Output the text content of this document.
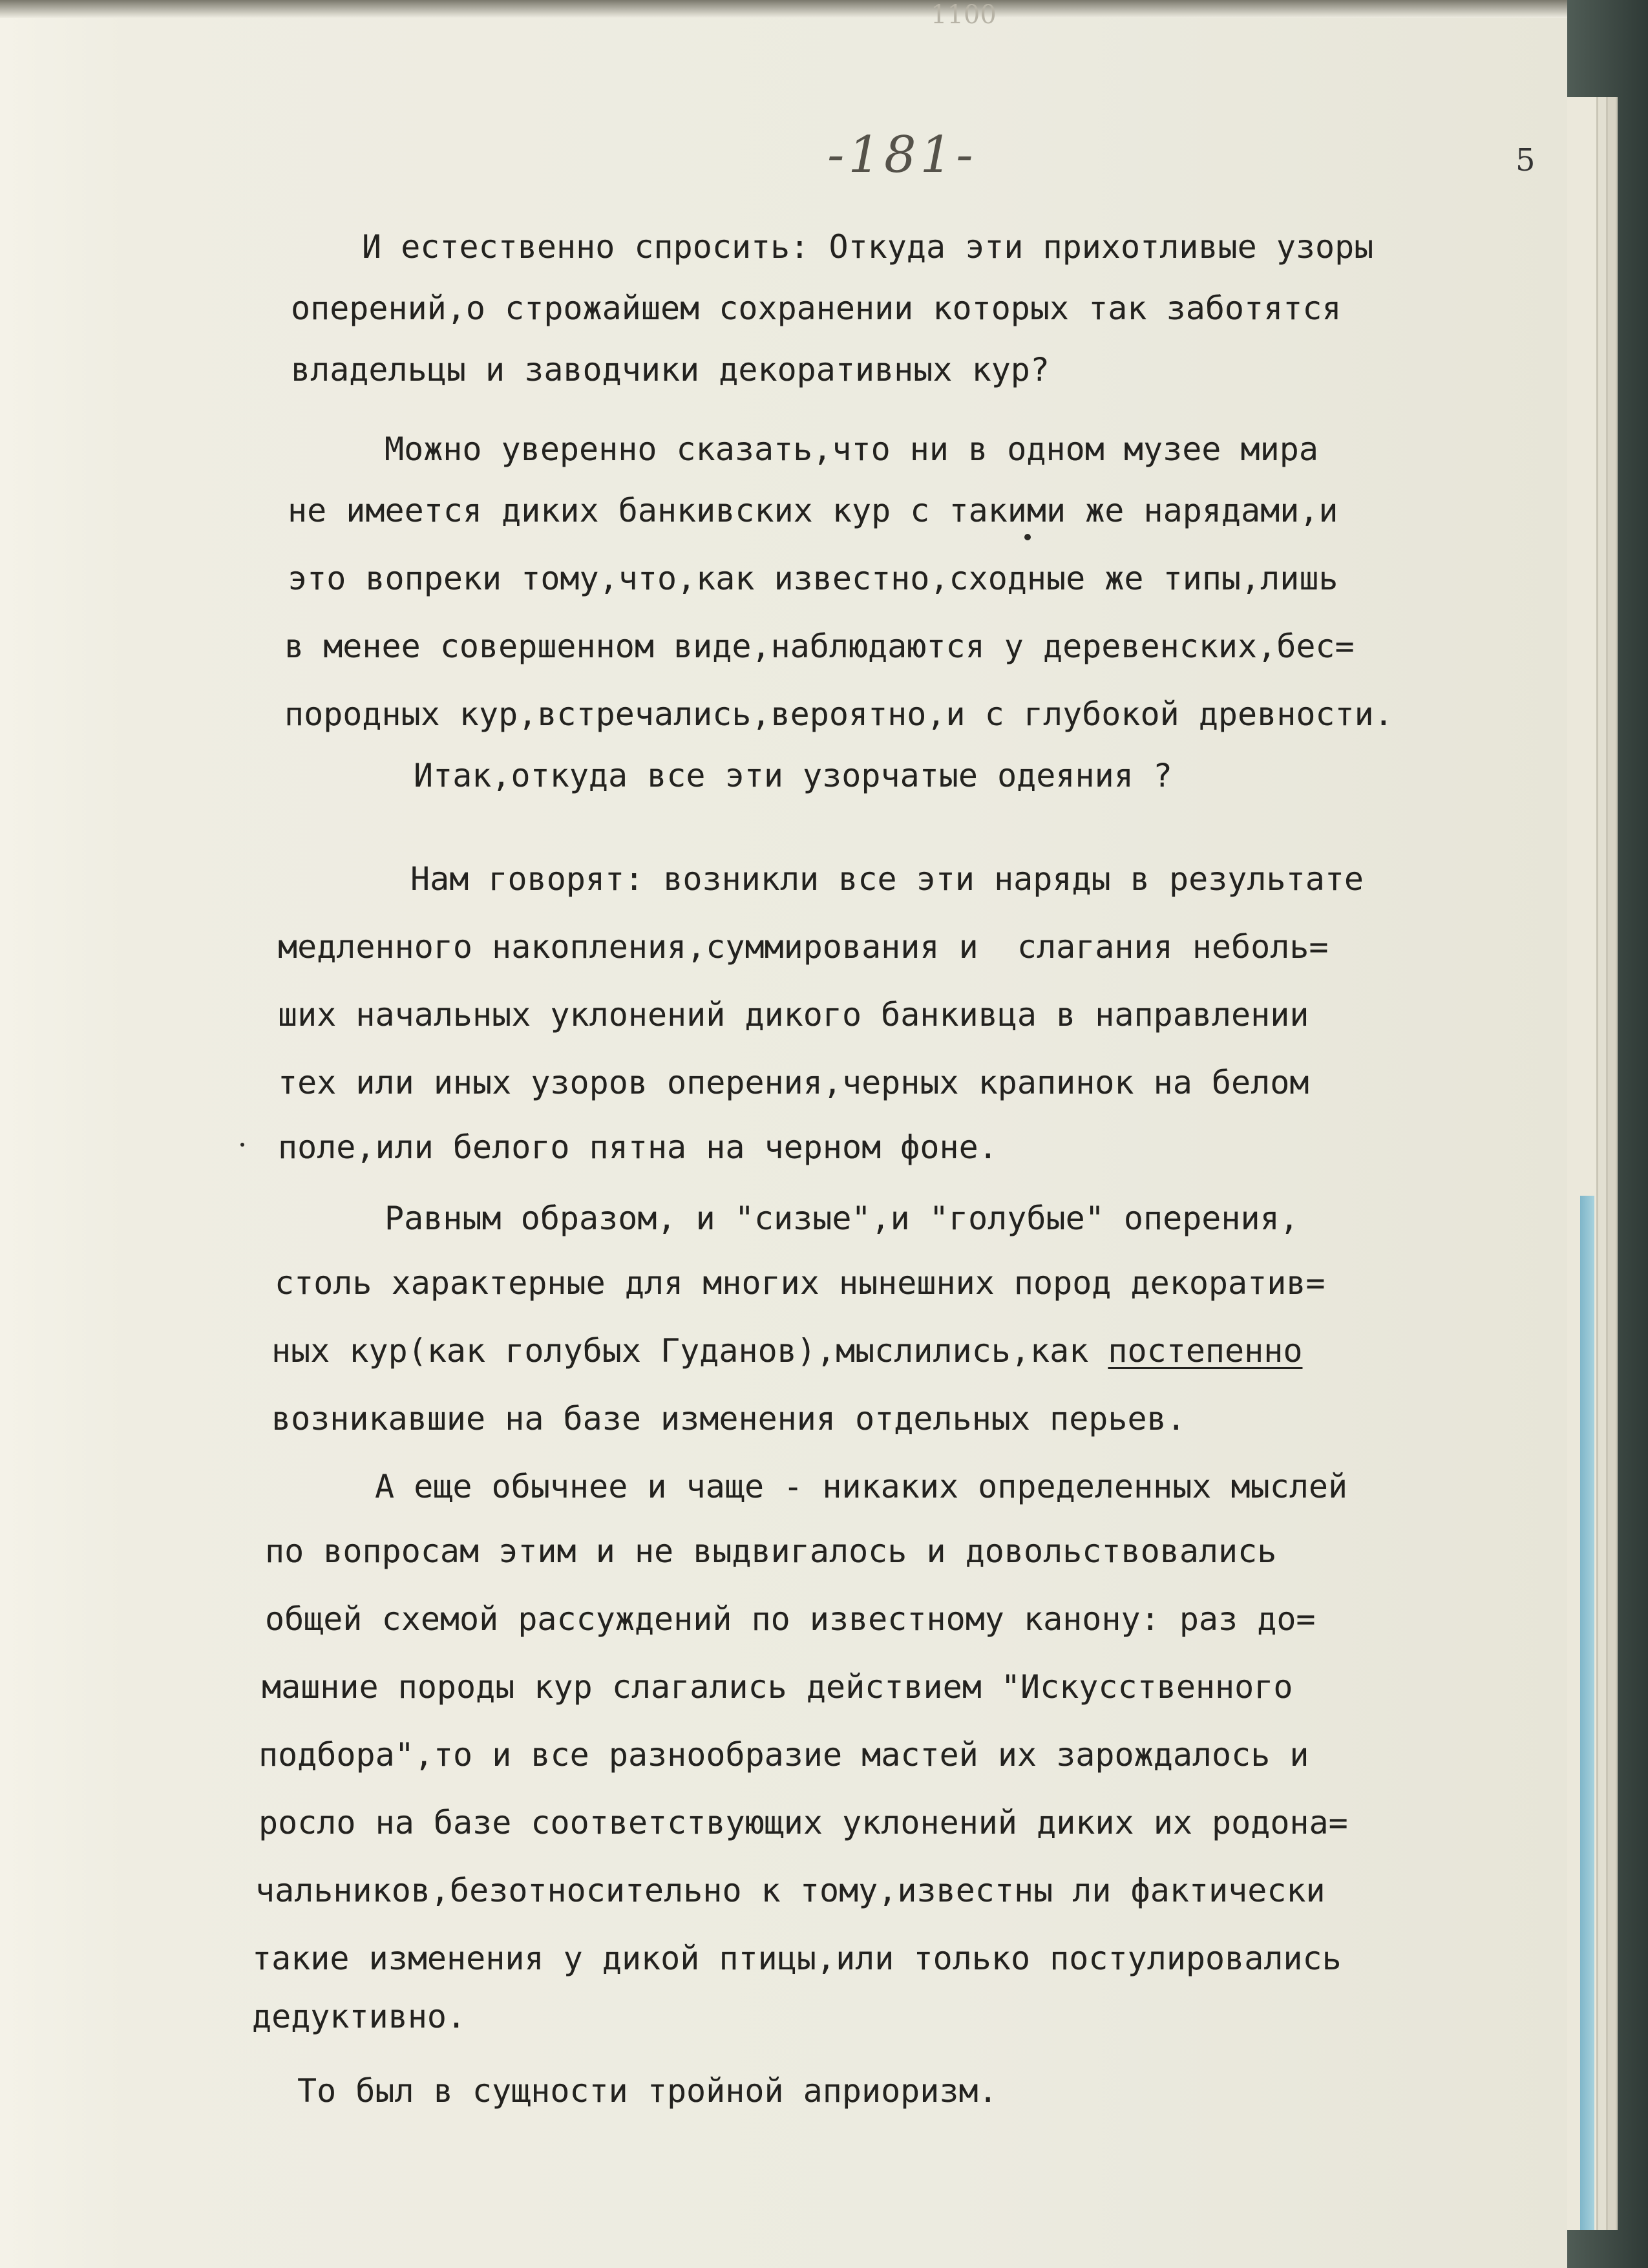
1100
-181-	5

И естественно спросить: Откуда эти прихотливые узоры

оперений,о строжайшем сохранении которых так заботятся

владельцы и заводчики декоративных кур?

Можно уверенно сказать,что ни в одном музее мира

не имеется диких банкивских кур с такими же нарядами,и

это вопреки тому,что,как известно,сходные же типы,лишь

в менее совершенном виде,наблюдаются у деревенских,бес=

породных кур,встречались,вероятно,и с глубокой древности.

Итак,откуда все эти узорчатые одеяния ?

Нам говорят: возникли все эти наряды в результате

медленного накопления,суммирования и  слагания неболь=

ших начальных уклонений дикого банкивца в направлении

тех или иных узоров оперения,черных крапинок на белом

поле,или белого пятна на черном фоне.

Равным образом, и "сизые",и "голубые" оперения,

столь характерные для многих нынешних пород декоратив=

ных кур(как голубых Гуданов),мыслились,как постепенно

возникавшие на базе изменения отдельных перьев.

А еще обычнее и чаще - никаких определенных мыслей

по вопросам этим и не выдвигалось и довольствовались

общей схемой рассуждений по известному канону: раз до=

машние породы кур слагались действием "Искусственного

подбора",то и все разнообразие мастей их зарождалось и

росло на базе соответствующих уклонений диких их родона=

чальников,безотносительно к тому,известны ли фактически

такие изменения у дикой птицы,или только постулировались

дедуктивно.

То был в сущности тройной априоризм.
